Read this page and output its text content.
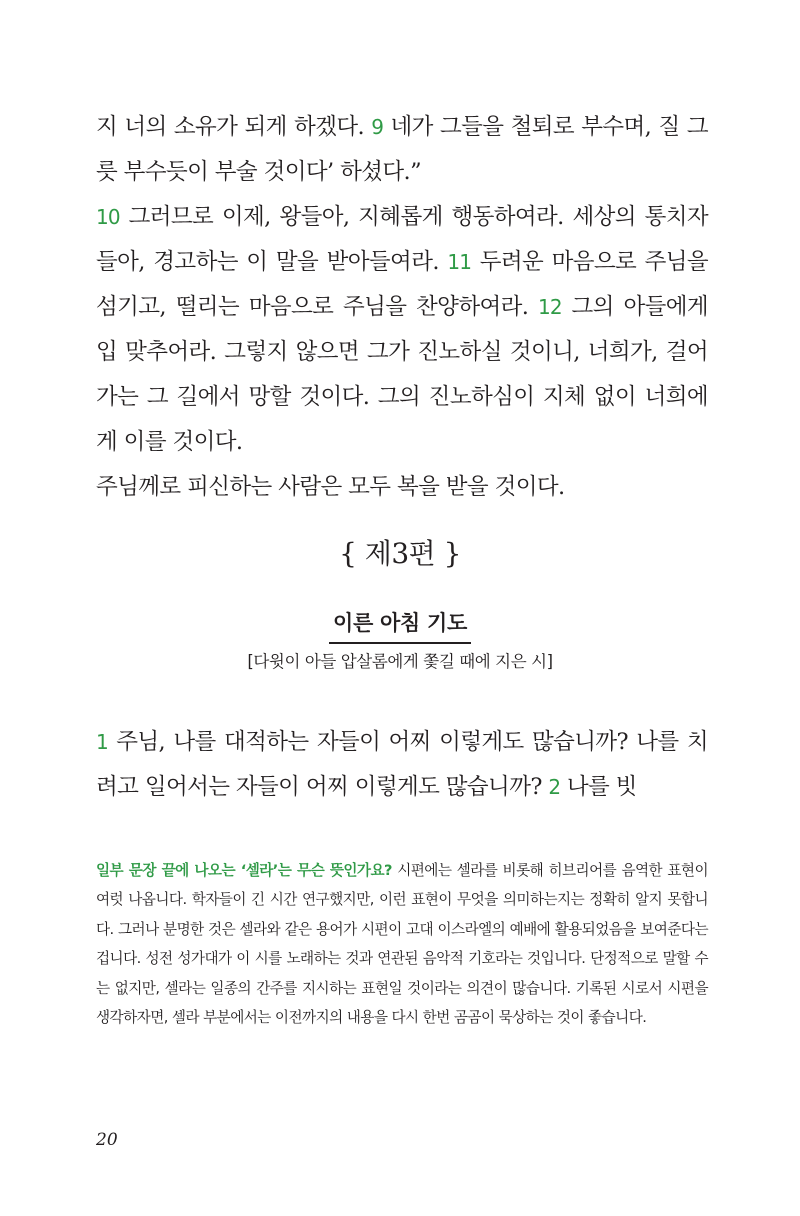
지 너의 소유가 되게 하겠다. 9 네가 그들을 철퇴로 부수며, 질 그릇 부수듯이 부술 것이다’ 하셨다.”

10 그러므로 이제, 왕들아, 지혜롭게 행동하여라. 세상의 통치자들아, 경고하는 이 말을 받아들여라. 11 두려운 마음으로 주님을 섬기고, 떨리는 마음으로 주님을 찬양하여라. 12 그의 아들에게 입 맞추어라. 그렇지 않으면 그가 진노하실 것이니, 너희가, 걸어가는 그 길에서 망할 것이다. 그의 진노하심이 지체 없이 너희에게 이를 것이다.

주님께로 피신하는 사람은 모두 복을 받을 것이다.

{ 제3편 }
이른 아침 기도
[다윗이 아들 압살롬에게 쫓길 때에 지은 시]

1 주님, 나를 대적하는 자들이 어찌 이렇게도 많습니까? 나를 치려고 일어서는 자들이 어찌 이렇게도 많습니까? 2 나를 빗

일부 문장 끝에 나오는 ‘셀라’는 무슨 뜻인가요? 시편에는 셀라를 비롯해 히브리어를 음역한 표현이 여럿 나옵니다. 학자들이 긴 시간 연구했지만, 이런 표현이 무엇을 의미하는지는 정확히 알지 못합니다. 그러나 분명한 것은 셀라와 같은 용어가 시편이 고대 이스라엘의 예배에 활용되었음을 보여준다는 겁니다. 성전 성가대가 이 시를 노래하는 것과 연관된 음악적 기호라는 것입니다. 단정적으로 말할 수는 없지만, 셀라는 일종의 간주를 지시하는 표현일 것이라는 의견이 많습니다. 기록된 시로서 시편을 생각하자면, 셀라 부분에서는 이전까지의 내용을 다시 한번 곰곰이 묵상하는 것이 좋습니다.
20
